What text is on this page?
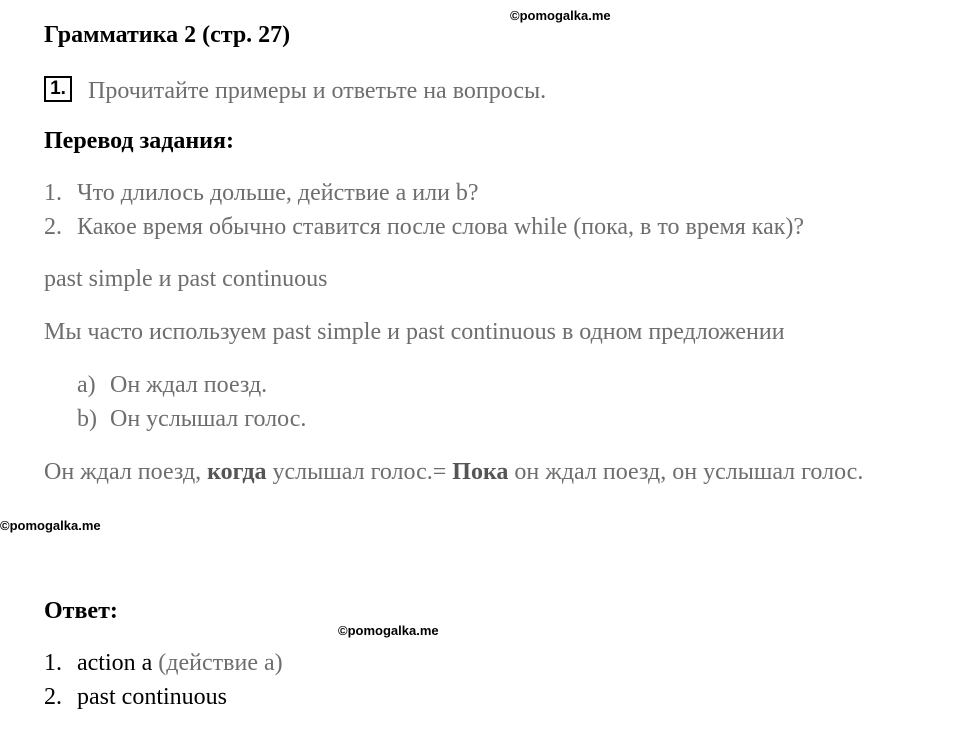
©pomogalka.me
Грамматика 2 (стр. 27)
1. Прочитайте примеры и ответьте на вопросы.
Перевод задания:
1. Что длилось дольше, действие a или b?
2. Какое время обычно ставится после слова while (пока, в то время как)?
past simple и past continuous
Мы часто используем past simple и past continuous в одном предложении
a) Он ждал поезд.
b) Он услышал голос.
Он ждал поезд, когда услышал голос.= Пока он ждал поезд, он услышал голос.
©pomogalka.me
Ответ:
©pomogalka.me
1. action a (действие а)
2. past continuous
